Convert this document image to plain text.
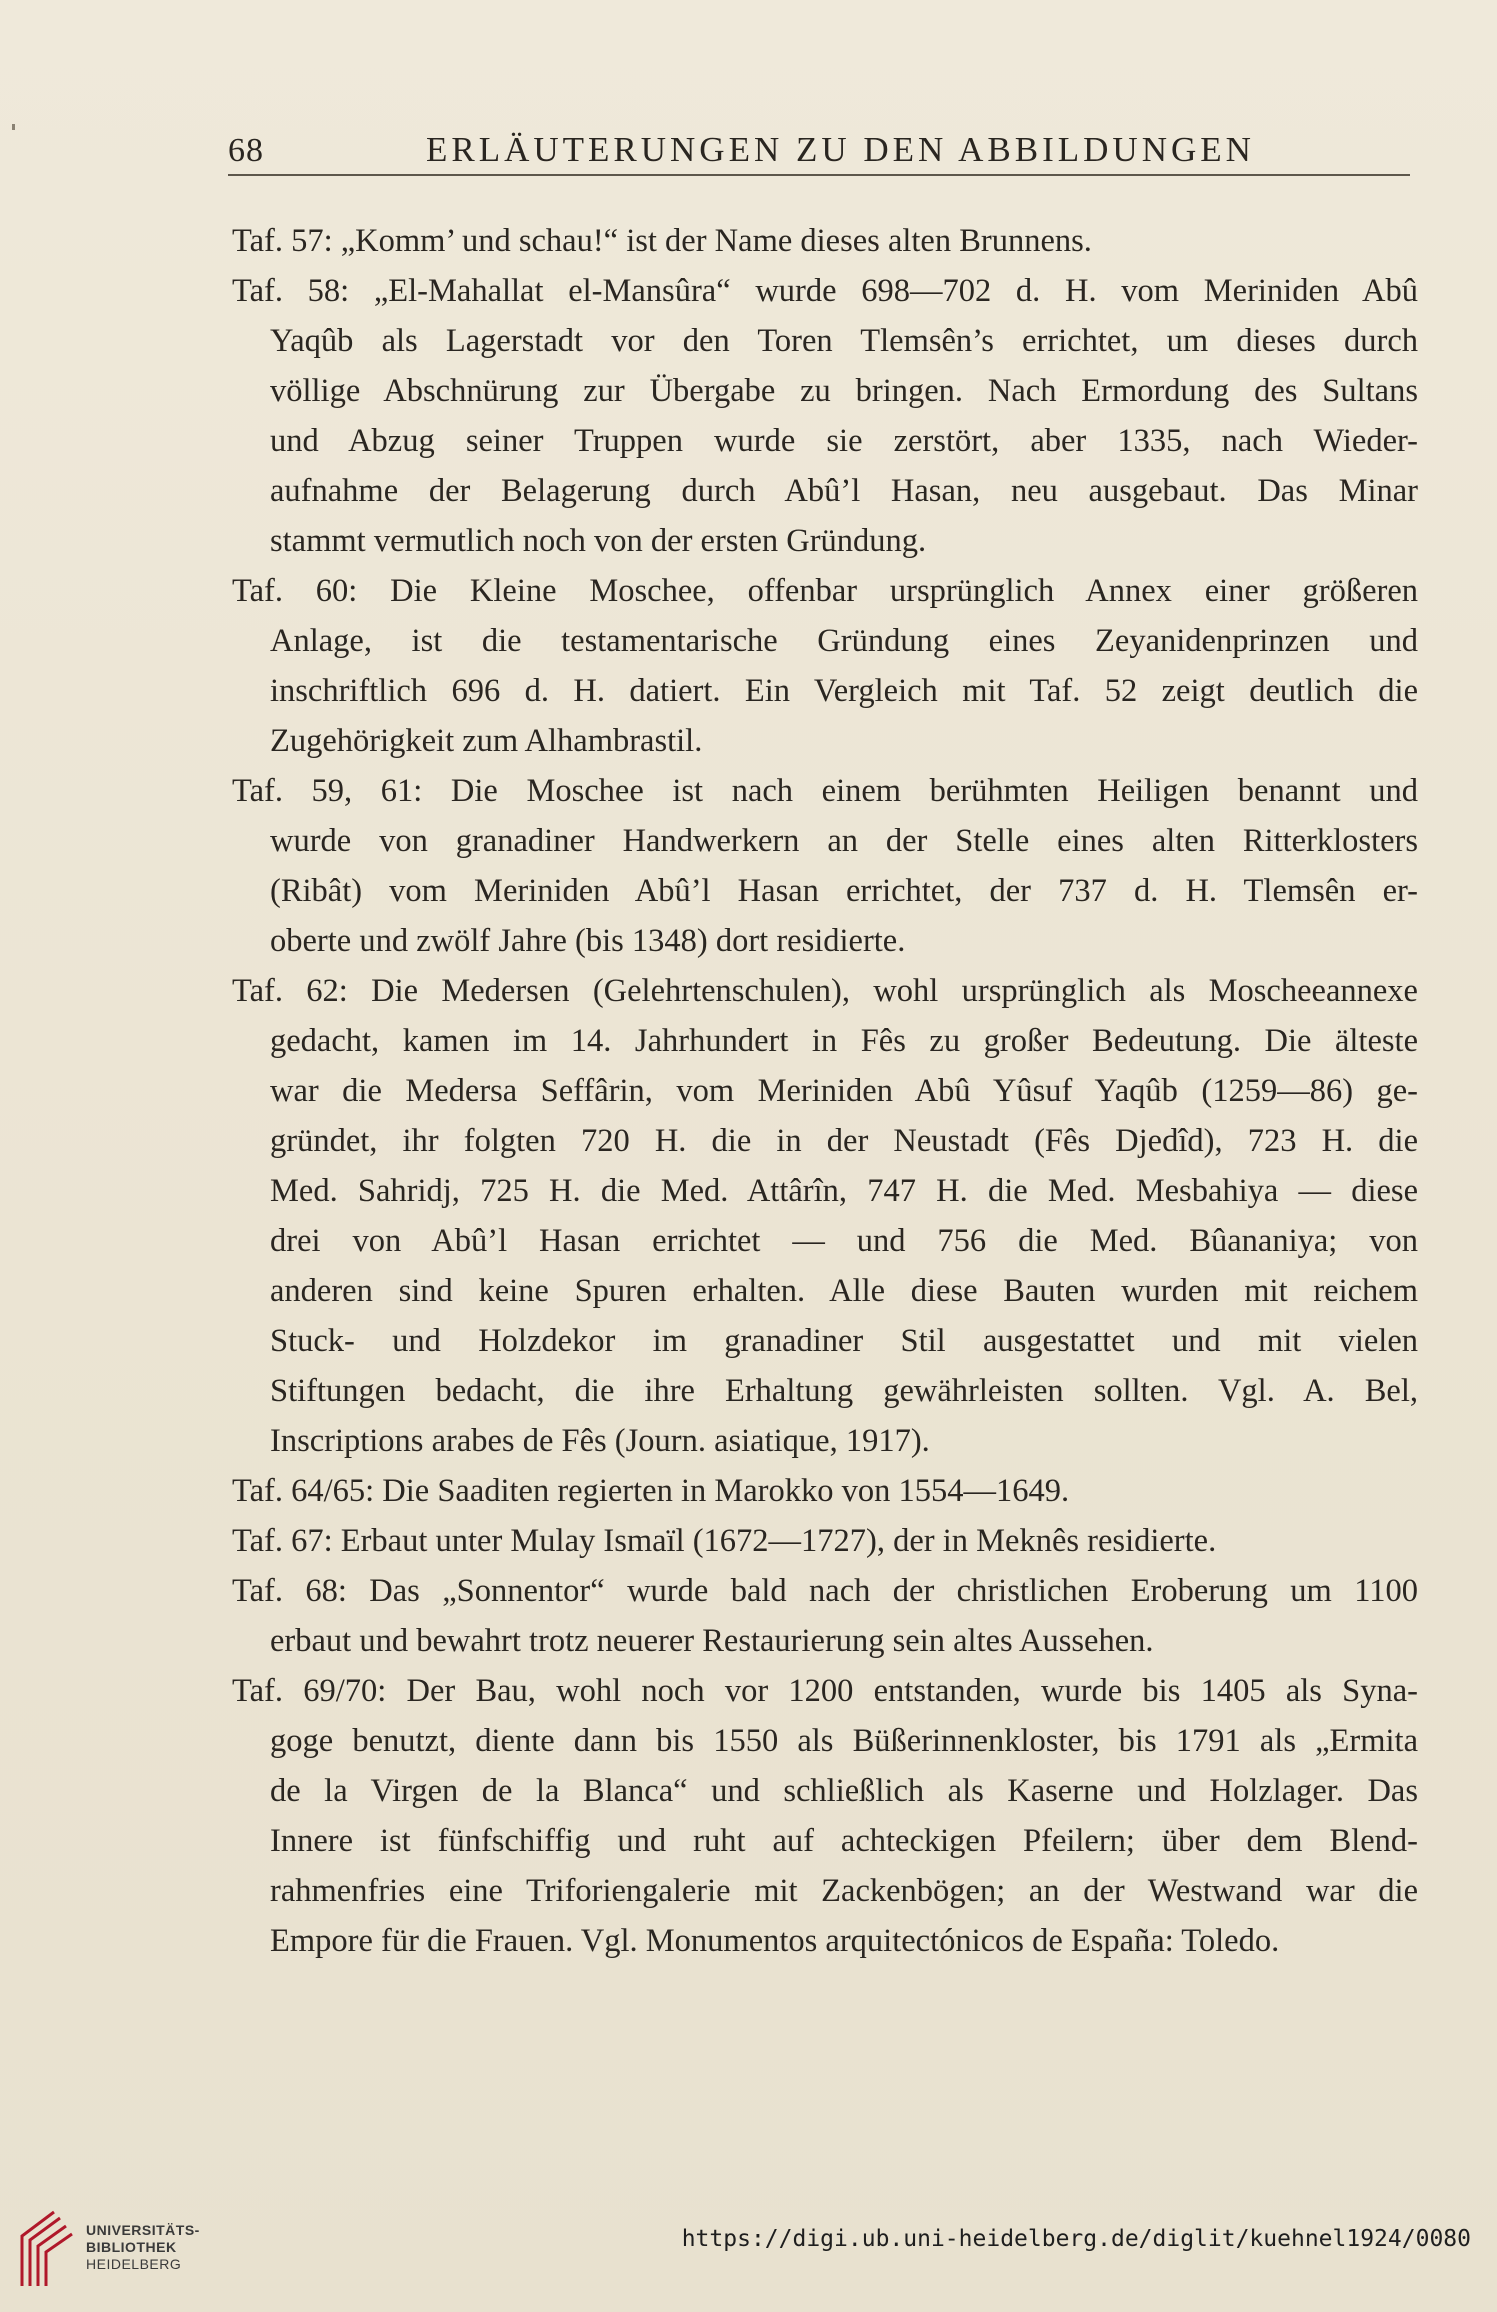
68	ERLÄUTERUNGEN ZU DEN ABBILDUNGEN
Taf. 57: „Komm’ und schau!“ ist der Name dieses alten Brunnens.
Taf. 58: „El-Mahallat el-Mansûra“ wurde 698—702 d. H. vom Meriniden Abû
Yaqûb als Lagerstadt vor den Toren Tlemsên’s errichtet, um dieses durch
völlige Abschnürung zur Übergabe zu bringen. Nach Ermordung des Sultans
und Abzug seiner Truppen wurde sie zerstört, aber 1335, nach Wieder-
aufnahme der Belagerung durch Abû’l Hasan, neu ausgebaut. Das Minar
stammt vermutlich noch von der ersten Gründung.
Taf. 60: Die Kleine Moschee, offenbar ursprünglich Annex einer größeren
Anlage, ist die testamentarische Gründung eines Zeyanidenprinzen und
inschriftlich 696 d. H. datiert. Ein Vergleich mit Taf. 52 zeigt deutlich die
Zugehörigkeit zum Alhambrastil.
Taf. 59, 61: Die Moschee ist nach einem berühmten Heiligen benannt und
wurde von granadiner Handwerkern an der Stelle eines alten Ritterklosters
(Ribât) vom Meriniden Abû’l Hasan errichtet, der 737 d. H. Tlemsên er-
oberte und zwölf Jahre (bis 1348) dort residierte.
Taf. 62: Die Medersen (Gelehrtenschulen), wohl ursprünglich als Moscheeannexe
gedacht, kamen im 14. Jahrhundert in Fês zu großer Bedeutung. Die älteste
war die Medersa Seffârin, vom Meriniden Abû Yûsuf Yaqûb (1259—86) ge-
gründet, ihr folgten 720 H. die in der Neustadt (Fês Djedîd), 723 H. die
Med. Sahridj, 725 H. die Med. Attârîn, 747 H. die Med. Mesbahiya — diese
drei von Abû’l Hasan errichtet — und 756 die Med. Bûananiya; von
anderen sind keine Spuren erhalten. Alle diese Bauten wurden mit reichem
Stuck- und Holzdekor im granadiner Stil ausgestattet und mit vielen
Stiftungen bedacht, die ihre Erhaltung gewährleisten sollten. Vgl. A. Bel,
Inscriptions arabes de Fês (Journ. asiatique, 1917).
Taf. 64/65: Die Saaditen regierten in Marokko von 1554—1649.
Taf. 67: Erbaut unter Mulay Ismaïl (1672—1727), der in Meknês residierte.
Taf. 68: Das „Sonnentor“ wurde bald nach der christlichen Eroberung um 1100
erbaut und bewahrt trotz neuerer Restaurierung sein altes Aussehen.
Taf. 69/70: Der Bau, wohl noch vor 1200 entstanden, wurde bis 1405 als Syna-
goge benutzt, diente dann bis 1550 als Büßerinnenkloster, bis 1791 als „Ermita
de la Virgen de la Blanca“ und schließlich als Kaserne und Holzlager. Das
Innere ist fünfschiffig und ruht auf achteckigen Pfeilern; über dem Blend-
rahmenfries eine Triforiengalerie mit Zackenbögen; an der Westwand war die
Empore für die Frauen. Vgl. Monumentos arquitectónicos de España: Toledo.
UNIVERSITÄTS-
BIBLIOTHEK
HEIDELBERG
https://digi.ub.uni-heidelberg.de/diglit/kuehnel1924/0080
